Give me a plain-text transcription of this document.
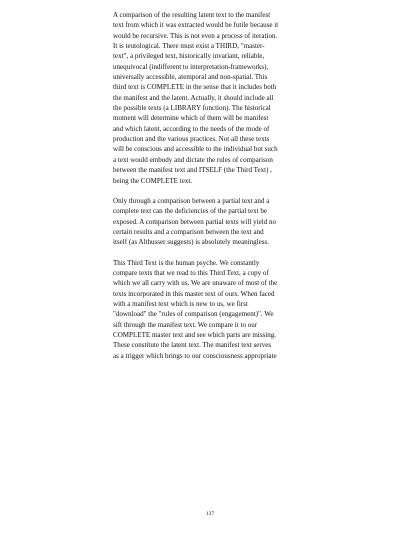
A comparison of the resulting latent text to the manifest
text from which it was extracted would be futile because it
would be recursive. This is not even a process of iteration.
It is teutological. There must exist a THIRD, "master-
text", a privileged text, historically invariant, reliable,
unequivocal (indifferent to interpretation-frameworks),
universally accessible, atemporal and non-spatial. This
third text is COMPLETE in the sense that it includes both
the manifest and the latent. Actually, it should include all
the possible texts (a LIBRARY function). The historical
moment will determine which of them will be manifest
and which latent, according to the needs of the mode of
production and the various practices. Not all these texts
will be conscious and accessible to the individual but such
a text would embody and dictate the rules of comparison
between the manifest text and ITSELF (the Third Text) ,
being the COMPLETE text.

Only through a comparison between a partial text and a
complete text can the deficiencies of the partial text be
exposed. A comparison between partial texts will yield no
certain results and a comparison between the text and
itself (as Althusser suggests) is absolutely meaningless.

This Third Text is the human psyche. We constantly
compare texts that we read to this Third Text, a copy of
which we all carry with us. We are unaware of most of the
texts incorporated in this master text of ours. When faced
with a manifest text which is new to us, we first
"download" the "rules of comparison (engagement)". We
sift through the manifest text. We compare it to our
COMPLETE master text and see which parts are missing.
These constitute the latent text. The manifest text serves
as a trigger which brings to our consciousness appropriate

137
